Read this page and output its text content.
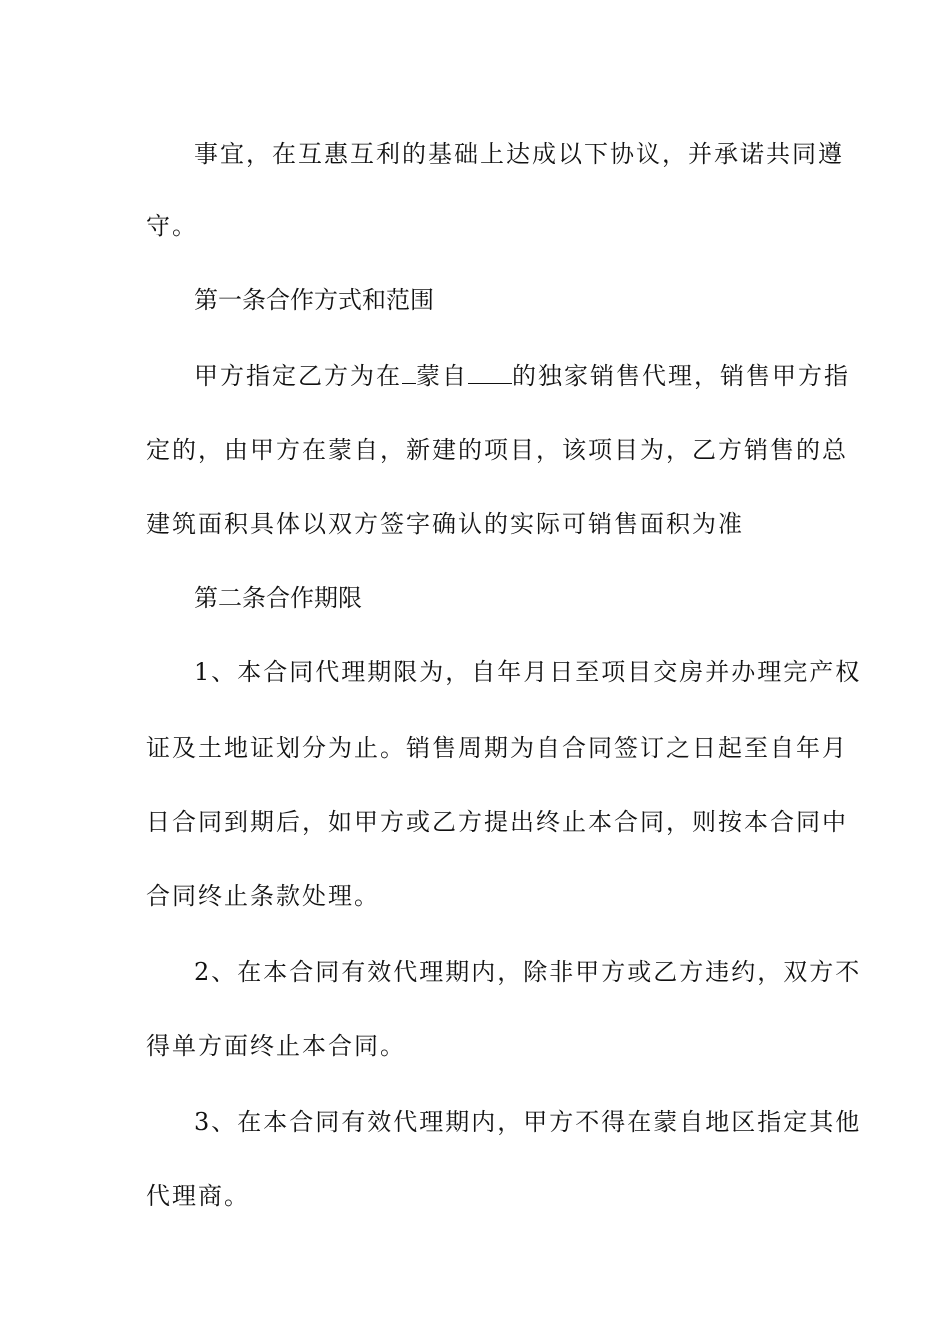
事宜，在互惠互利的基础上达成以下协议，并承诺共同遵

守。

第一条合作方式和范围

甲方指定乙方为在 蒙自 的独家销售代理，销售甲方指

定的，由甲方在蒙自，新建的项目，该项目为，乙方销售的总

建筑面积具体以双方签字确认的实际可销售面积为准

第二条合作期限

1、本合同代理期限为，自年月日至项目交房并办理完产权

证及土地证划分为止。销售周期为自合同签订之日起至自年月

日合同到期后，如甲方或乙方提出终止本合同，则按本合同中

合同终止条款处理。

2、在本合同有效代理期内，除非甲方或乙方违约，双方不

得单方面终止本合同。

3、在本合同有效代理期内，甲方不得在蒙自地区指定其他

代理商。
